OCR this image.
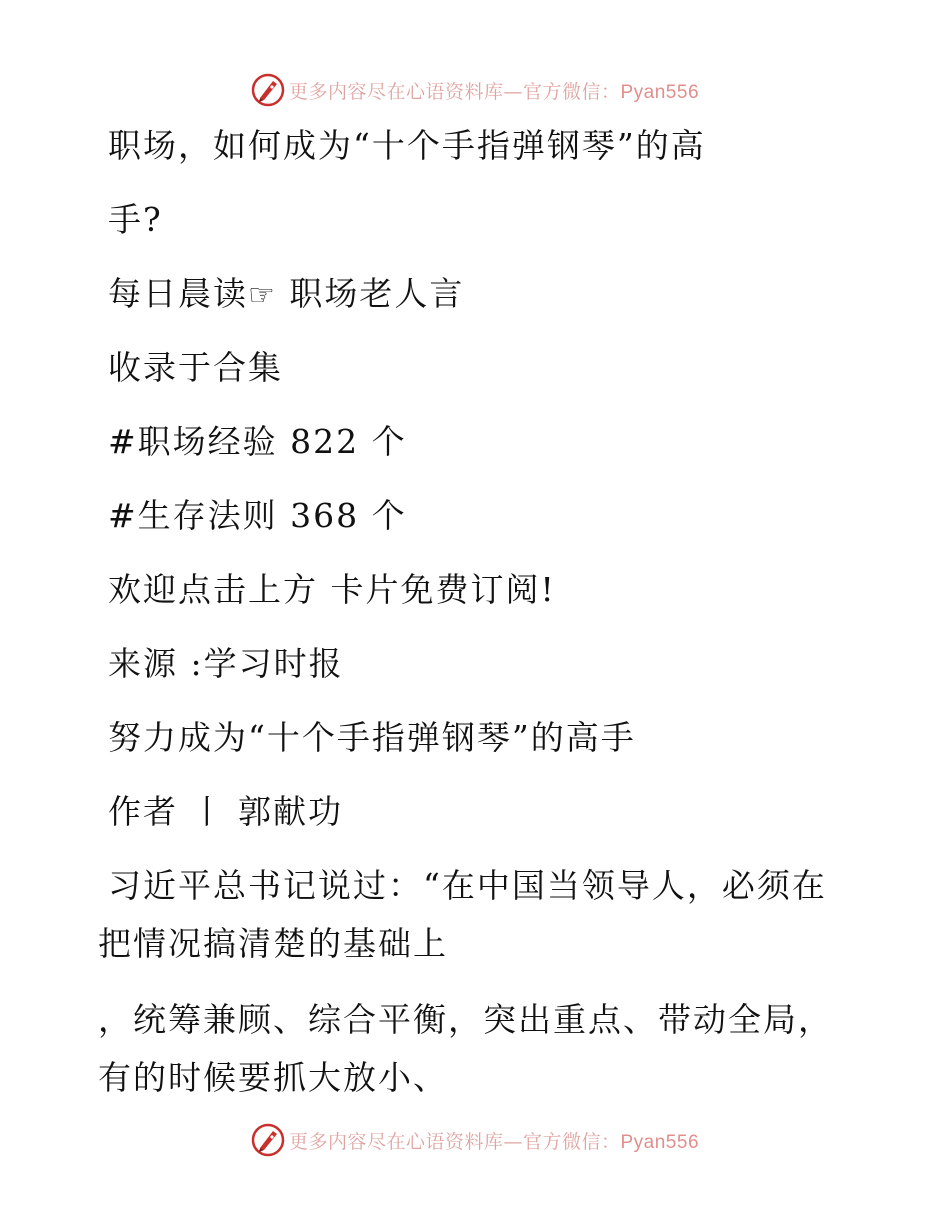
更多内容尽在心语资料库—官方微信：Pyan556
职场，如何成为“十个手指弹钢琴”的高
手?
每日晨读☞ 职场老人言
收录于合集
#职场经验 822 个
#生存法则 368 个
欢迎点击上方 卡片免费订阅!
来源 :学习时报
努力成为“十个手指弹钢琴”的高手
作者 丨 郭献功
习近平总书记说过：“在中国当领导人，必须在
把情况搞清楚的基础上
，统筹兼顾、综合平衡，突出重点、带动全局，
有的时候要抓大放小、
更多内容尽在心语资料库—官方微信：Pyan556
